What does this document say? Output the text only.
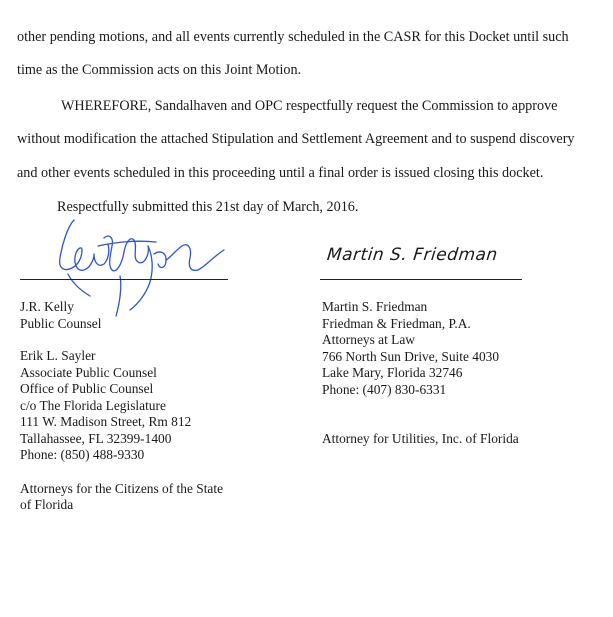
other pending motions, and all events currently scheduled in the CASR for this Docket until such
time as the Commission acts on this Joint Motion.
WHEREFORE, Sandalhaven and OPC respectfully request the Commission to approve
without modification the attached Stipulation and Settlement Agreement and to suspend discovery
and other events scheduled in this proceeding until a final order is issued closing this docket.
Respectfully submitted this 21st day of March, 2016.
Martin S. Friedman
J.R. Kelly
Public Counsel
Erik L. Sayler
Associate Public Counsel
Office of Public Counsel
c/o The Florida Legislature
111 W. Madison Street, Rm 812
Tallahassee, FL 32399-1400
Phone: (850) 488-9330
Attorneys for the Citizens of the State
of Florida
Martin S. Friedman
Friedman & Friedman, P.A.
Attorneys at Law
766 North Sun Drive, Suite 4030
Lake Mary, Florida 32746
Phone: (407) 830-6331
Attorney for Utilities, Inc. of Florida
